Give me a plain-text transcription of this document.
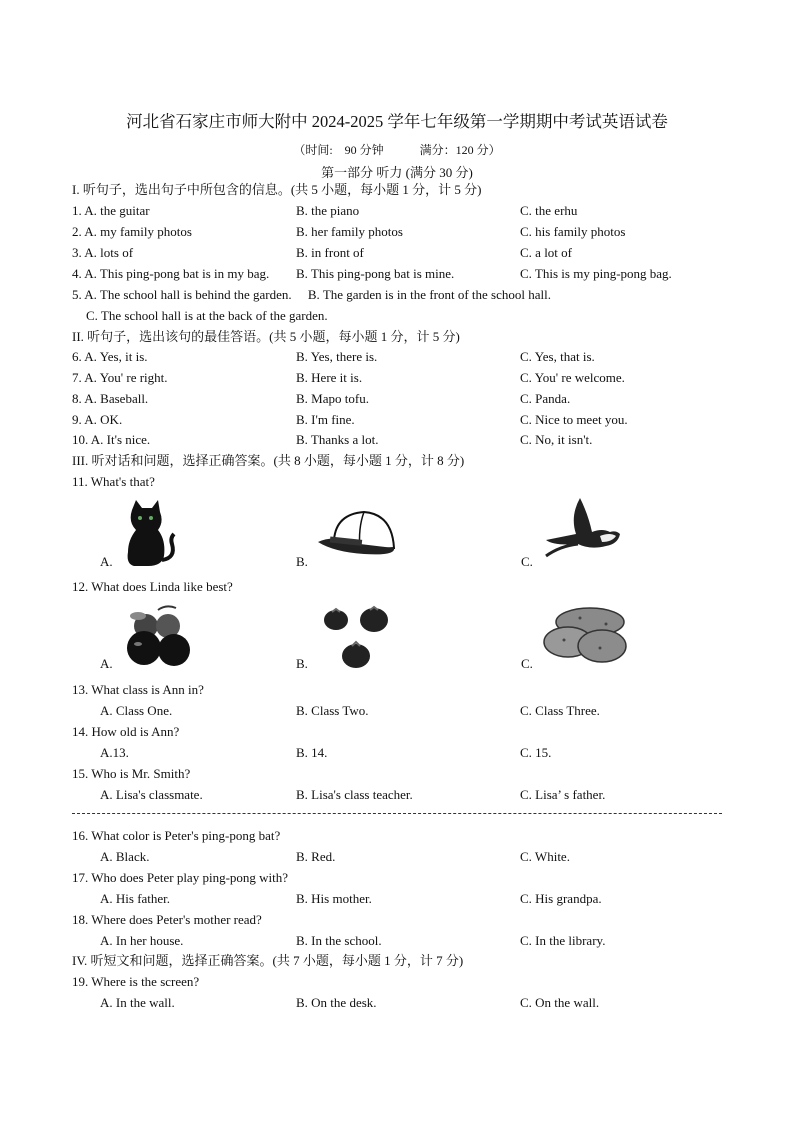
河北省石家庄市师大附中 2024-2025 学年七年级第一学期期中考试英语试卷
（时间:　90 分钟　　　满分：120 分）
第一部分 听力 (满分 30 分)
I. 听句子，选出句子中所包含的信息。(共 5 小题，每小题 1 分，计 5 分)
1. A. the guitar	B. the piano	C. the erhu
2. A. my family photos	B. her family photos	C. his family photos
3. A. lots of	B. in front of	C. a lot of
4. A. This ping-pong bat is in my bag. B. This ping-pong bat is mine.	C. This is my ping-pong bag.
5. A. The school hall is behind the garden.　 B. The garden is in the front of the school hall.
C. The school hall is at the back of the garden.
II. 听句子，选出该句的最佳答语。(共 5 小题，每小题 1 分，计 5 分)
6. A. Yes, it is.	B. Yes, there is.	C. Yes, that is.
7. A. You' re right.	B. Here it is.	C. You' re welcome.
8. A. Baseball.	B. Mapo tofu.	C. Panda.
9. A. OK.	B. I'm fine.	C. Nice to meet you.
10. A. It's nice.	B. Thanks a lot.	C. No, it isn't.
III. 听对话和问题，选择正确答案。(共 8 小题，每小题 1 分，计 8 分)
11. What's that?
A.	B.	C.
12. What does Linda like best?
A.	B.	C.
13. What class is Ann in?
A. Class One.	B. Class Two.	C. Class Three.
14. How old is Ann?
A.13.	B. 14.	C. 15.
15. Who is Mr. Smith?
A. Lisa's classmate.	B. Lisa's class teacher.	C. Lisa’ s father.
16. What color is Peter's ping-pong bat?
A. Black.	B. Red.	C. White.
17. Who does Peter play ping-pong with?
A. His father.	B. His mother.	C. His grandpa.
18. Where does Peter's mother read?
A. In her house.	B. In the school.	C. In the library.
IV. 听短文和问题，选择正确答案。(共 7 小题，每小题 1 分，计 7 分)
19. Where is the screen?
A. In the wall.	B. On the desk.	C. On the wall.
